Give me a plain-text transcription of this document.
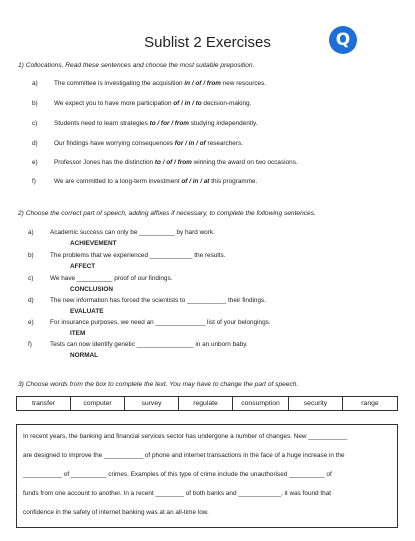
Sublist 2 Exercises	Q
1) Collocations. Read these sentences and choose the most suitable preposition.
a)	The committee is investigating the acquisition in / of / from new resources.
b)	We expect you to have more participation of / in / to decision-making.
c)	Students need to learn strategies to / for / from studying independently.
d)	Our findings have worrying consequences for / in / of researchers.
e)	Professor Jones has the distinction to / of / from winning the award on two occasions.
f)	We are committed to a long-term investment of / in / at this programme.
2) Choose the correct part of speech, adding affixes if necessary, to complete the following sentences.
a)	Academic success can only be __________ by hard work.
ACHIEVEMENT
b)	The problems that we experienced ____________ the results.
AFFECT
c)	We have __________ proof of our findings.
CONCLUSION
d)	The new information has forced the scientists to ___________ their findings.
EVALUATE
e)	For insurance purposes, we need an ______________ list of your belongings.
ITEM
f)	Tests can now identify genetic ________________ in an unborn baby.
NORMAL
3) Choose words from the box to complete the text. You may have to change the part of speech.
transfer	computer	survey	regulate	consumption	security	range
In recent years, the banking and financial services sector has undergone a number of changes. New ___________
are designed to improve the ___________ of phone and internet transactions in the face of a huge increase in the
___________ of __________ crimes. Examples of this type of crime include the unauthorised __________ of
funds from one account to another. In a recent ________ of both banks and ____________, it was found that
confidence in the safety of internet banking was at an all-time low.
